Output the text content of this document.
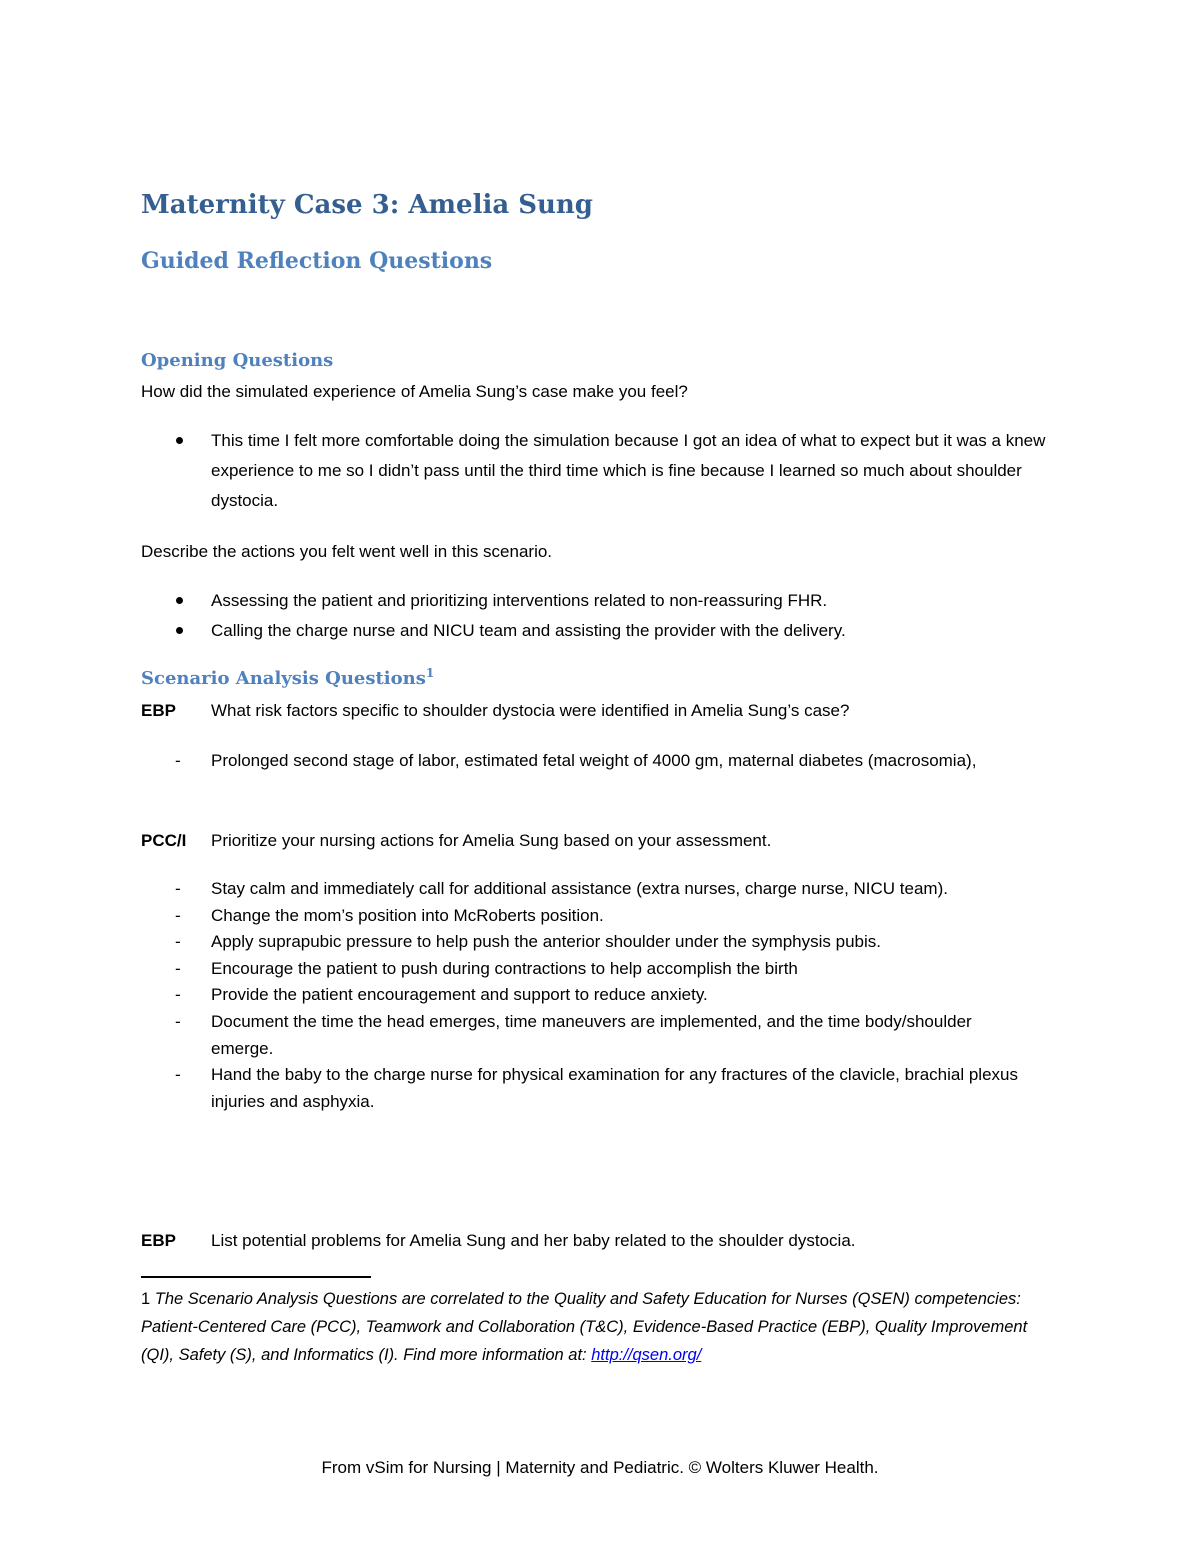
Maternity Case 3: Amelia Sung
Guided Reflection Questions
Opening Questions
How did the simulated experience of Amelia Sung’s case make you feel?
This time I felt more comfortable doing the simulation because I got an idea of what to expect but it was a knew experience to me so I didn’t pass until the third time which is fine because I learned so much about shoulder dystocia.
Describe the actions you felt went well in this scenario.
Assessing the patient and prioritizing interventions related to non-reassuring FHR.
Calling the charge nurse and NICU team and assisting the provider with the delivery.
Scenario Analysis Questions$^1$
EBP What risk factors specific to shoulder dystocia were identified in Amelia Sung’s case?
- Prolonged second stage of labor, estimated fetal weight of 4000 gm, maternal diabetes (macrosomia),
PCC/I Prioritize your nursing actions for Amelia Sung based on your assessment.
- Stay calm and immediately call for additional assistance (extra nurses, charge nurse, NICU team).
- Change the mom’s position into McRoberts position.
- Apply suprapubic pressure to help push the anterior shoulder under the symphysis pubis.
- Encourage the patient to push during contractions to help accomplish the birth
- Provide the patient encouragement and support to reduce anxiety.
- Document the time the head emerges, time maneuvers are implemented, and the time body/shoulder emerge.
- Hand the baby to the charge nurse for physical examination for any fractures of the clavicle, brachial plexus injuries and asphyxia.
EBP List potential problems for Amelia Sung and her baby related to the shoulder dystocia.
1 The Scenario Analysis Questions are correlated to the Quality and Safety Education for Nurses (QSEN) competencies: Patient-Centered Care (PCC), Teamwork and Collaboration (T&C), Evidence-Based Practice (EBP), Quality Improvement (QI), Safety (S), and Informatics (I). Find more information at: http://qsen.org/
From vSim for Nursing | Maternity and Pediatric. © Wolters Kluwer Health.
